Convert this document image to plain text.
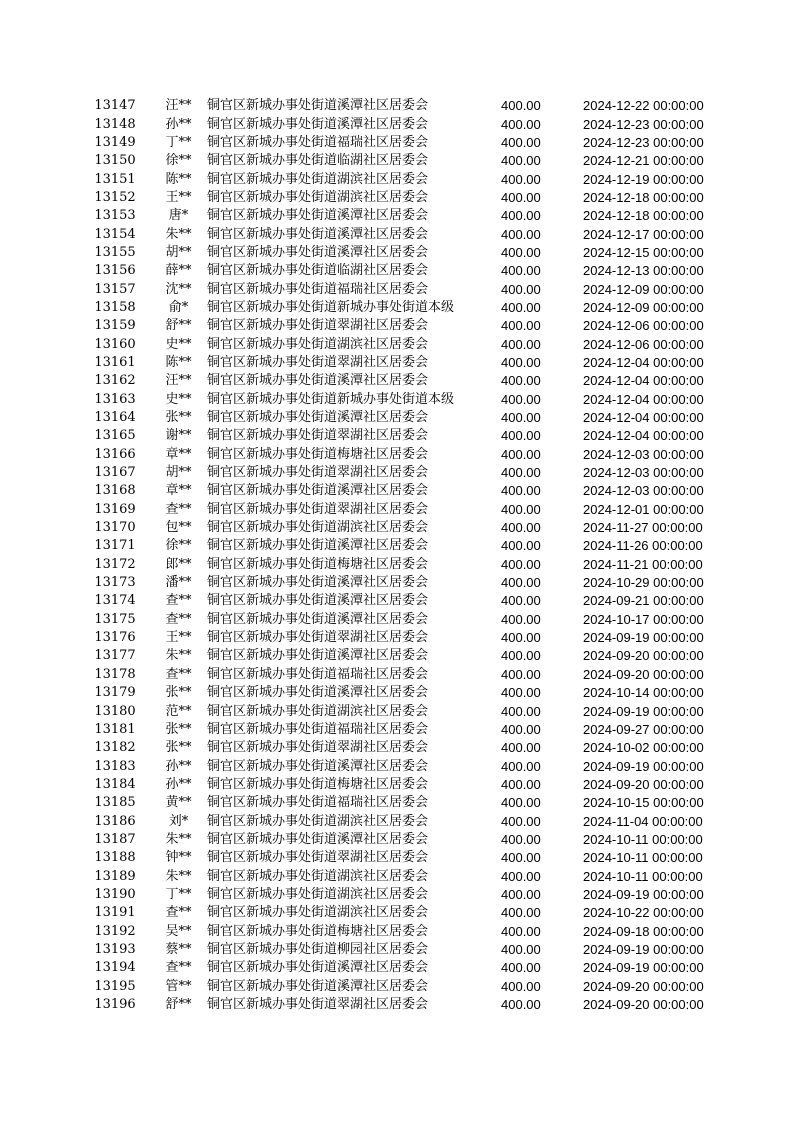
13147	汪**	铜官区新城办事处街道溪潭社区居委会	400.00	2024-12-22 00:00:00
13148	孙**	铜官区新城办事处街道溪潭社区居委会	400.00	2024-12-23 00:00:00
13149	丁**	铜官区新城办事处街道福瑞社区居委会	400.00	2024-12-23 00:00:00
13150	徐**	铜官区新城办事处街道临湖社区居委会	400.00	2024-12-21 00:00:00
13151	陈**	铜官区新城办事处街道湖滨社区居委会	400.00	2024-12-19 00:00:00
13152	王**	铜官区新城办事处街道湖滨社区居委会	400.00	2024-12-18 00:00:00
13153	唐*	铜官区新城办事处街道溪潭社区居委会	400.00	2024-12-18 00:00:00
13154	朱**	铜官区新城办事处街道溪潭社区居委会	400.00	2024-12-17 00:00:00
13155	胡**	铜官区新城办事处街道溪潭社区居委会	400.00	2024-12-15 00:00:00
13156	薛**	铜官区新城办事处街道临湖社区居委会	400.00	2024-12-13 00:00:00
13157	沈**	铜官区新城办事处街道福瑞社区居委会	400.00	2024-12-09 00:00:00
13158	俞*	铜官区新城办事处街道新城办事处街道本级	400.00	2024-12-09 00:00:00
13159	舒**	铜官区新城办事处街道翠湖社区居委会	400.00	2024-12-06 00:00:00
13160	史**	铜官区新城办事处街道湖滨社区居委会	400.00	2024-12-06 00:00:00
13161	陈**	铜官区新城办事处街道翠湖社区居委会	400.00	2024-12-04 00:00:00
13162	汪**	铜官区新城办事处街道溪潭社区居委会	400.00	2024-12-04 00:00:00
13163	史**	铜官区新城办事处街道新城办事处街道本级	400.00	2024-12-04 00:00:00
13164	张**	铜官区新城办事处街道溪潭社区居委会	400.00	2024-12-04 00:00:00
13165	谢**	铜官区新城办事处街道翠湖社区居委会	400.00	2024-12-04 00:00:00
13166	章**	铜官区新城办事处街道梅塘社区居委会	400.00	2024-12-03 00:00:00
13167	胡**	铜官区新城办事处街道翠湖社区居委会	400.00	2024-12-03 00:00:00
13168	章**	铜官区新城办事处街道溪潭社区居委会	400.00	2024-12-03 00:00:00
13169	查**	铜官区新城办事处街道翠湖社区居委会	400.00	2024-12-01 00:00:00
13170	包**	铜官区新城办事处街道湖滨社区居委会	400.00	2024-11-27 00:00:00
13171	徐**	铜官区新城办事处街道溪潭社区居委会	400.00	2024-11-26 00:00:00
13172	郎**	铜官区新城办事处街道梅塘社区居委会	400.00	2024-11-21 00:00:00
13173	潘**	铜官区新城办事处街道溪潭社区居委会	400.00	2024-10-29 00:00:00
13174	查**	铜官区新城办事处街道溪潭社区居委会	400.00	2024-09-21 00:00:00
13175	查**	铜官区新城办事处街道溪潭社区居委会	400.00	2024-10-17 00:00:00
13176	王**	铜官区新城办事处街道翠湖社区居委会	400.00	2024-09-19 00:00:00
13177	朱**	铜官区新城办事处街道溪潭社区居委会	400.00	2024-09-20 00:00:00
13178	查**	铜官区新城办事处街道福瑞社区居委会	400.00	2024-09-20 00:00:00
13179	张**	铜官区新城办事处街道溪潭社区居委会	400.00	2024-10-14 00:00:00
13180	范**	铜官区新城办事处街道湖滨社区居委会	400.00	2024-09-19 00:00:00
13181	张**	铜官区新城办事处街道福瑞社区居委会	400.00	2024-09-27 00:00:00
13182	张**	铜官区新城办事处街道翠湖社区居委会	400.00	2024-10-02 00:00:00
13183	孙**	铜官区新城办事处街道溪潭社区居委会	400.00	2024-09-19 00:00:00
13184	孙**	铜官区新城办事处街道梅塘社区居委会	400.00	2024-09-20 00:00:00
13185	黄**	铜官区新城办事处街道福瑞社区居委会	400.00	2024-10-15 00:00:00
13186	刘*	铜官区新城办事处街道湖滨社区居委会	400.00	2024-11-04 00:00:00
13187	朱**	铜官区新城办事处街道溪潭社区居委会	400.00	2024-10-11 00:00:00
13188	钟**	铜官区新城办事处街道翠湖社区居委会	400.00	2024-10-11 00:00:00
13189	朱**	铜官区新城办事处街道湖滨社区居委会	400.00	2024-10-11 00:00:00
13190	丁**	铜官区新城办事处街道湖滨社区居委会	400.00	2024-09-19 00:00:00
13191	查**	铜官区新城办事处街道湖滨社区居委会	400.00	2024-10-22 00:00:00
13192	吴**	铜官区新城办事处街道梅塘社区居委会	400.00	2024-09-18 00:00:00
13193	蔡**	铜官区新城办事处街道柳园社区居委会	400.00	2024-09-19 00:00:00
13194	查**	铜官区新城办事处街道溪潭社区居委会	400.00	2024-09-19 00:00:00
13195	管**	铜官区新城办事处街道溪潭社区居委会	400.00	2024-09-20 00:00:00
13196	舒**	铜官区新城办事处街道翠湖社区居委会	400.00	2024-09-20 00:00:00
